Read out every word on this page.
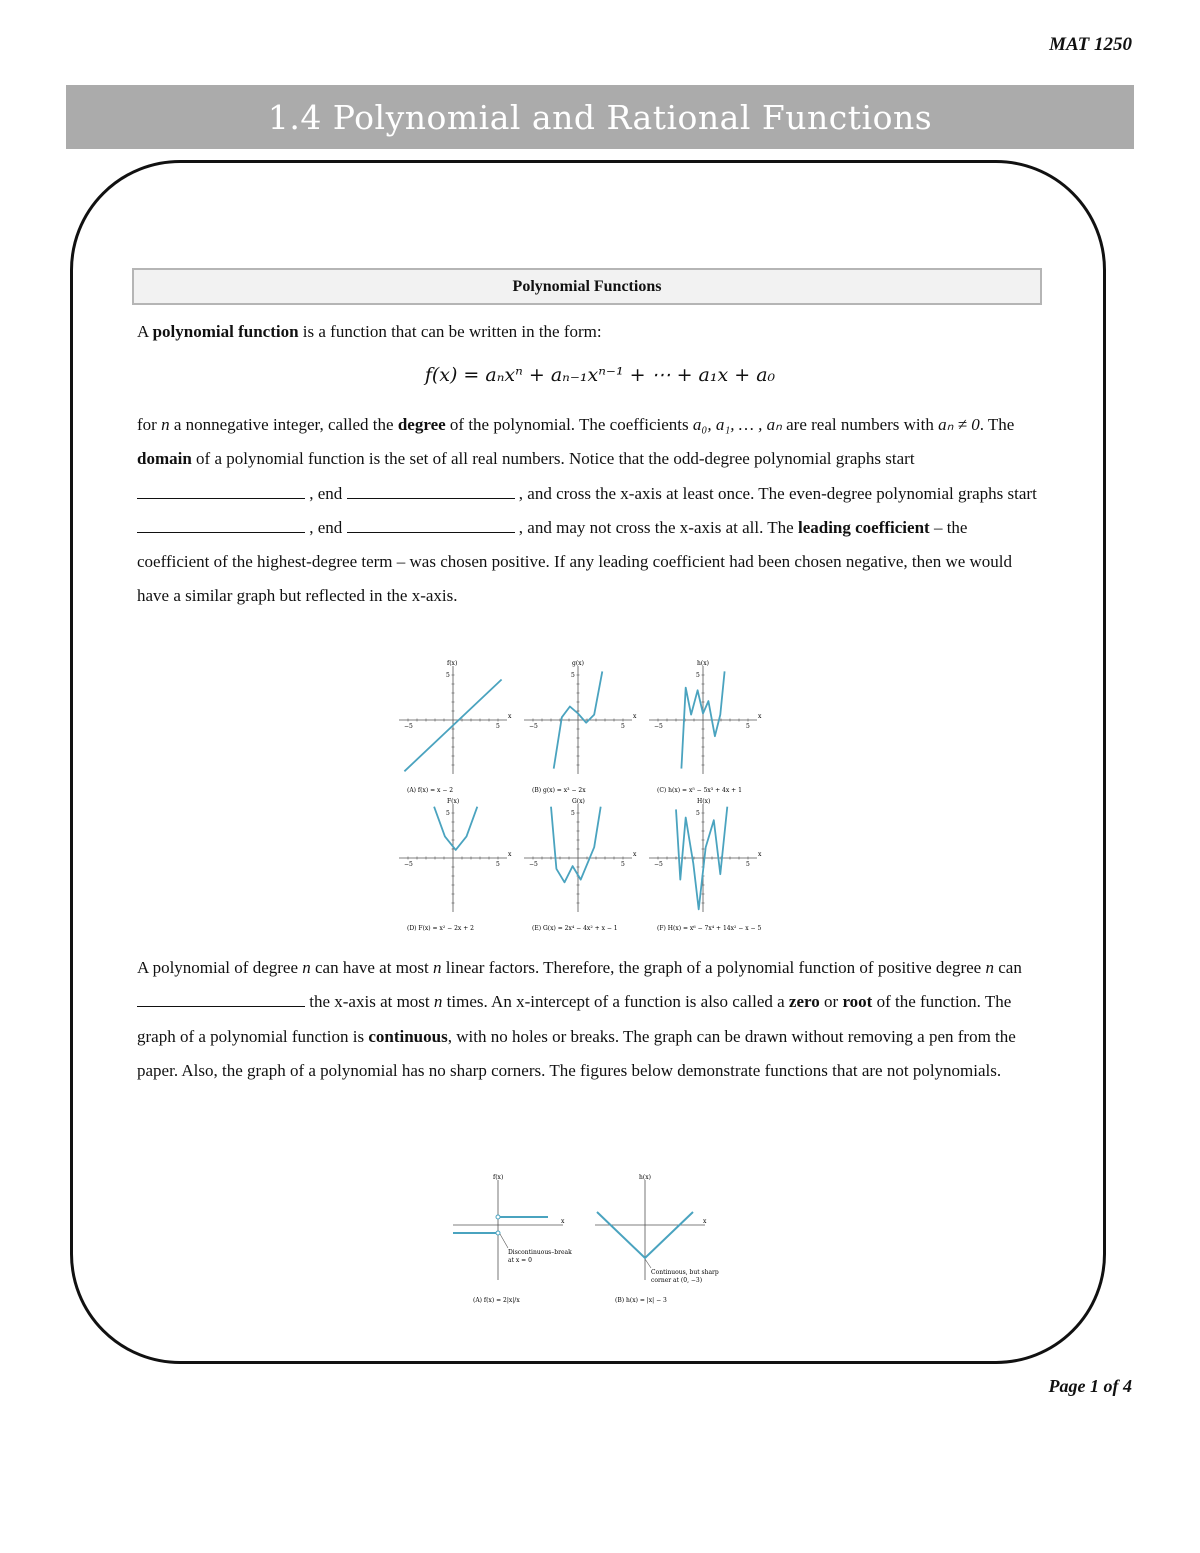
MAT 1250
1.4 Polynomial and Rational Functions
Polynomial Functions
A polynomial function is a function that can be written in the form:
f(x) = aₙxⁿ + aₙ₋₁xⁿ⁻¹ + ⋯ + a₁x + a₀
for n a nonnegative integer, called the degree of the polynomial. The coefficients a₀, a₁, … , aₙ are real numbers with aₙ ≠ 0. The domain of a polynomial function is the set of all real numbers. Notice that the odd-degree polynomial graphs start  , end	, and cross the x-axis at least once. The even-degree polynomial graphs start  , end	, and may not cross the x-axis at all. The leading coefficient – the coefficient of the highest-degree term – was chosen positive. If any leading coefficient had been chosen negative, then we would have a similar graph but reflected in the x-axis.
f(x)
x
5
5
−5
(A) f(x) = x − 2
g(x)
x
5
5
−5
(B) g(x) = x³ − 2x
h(x)
x
5
5
−5
(C) h(x) = x⁵ − 5x³ + 4x + 1
F(x)
x
5
5
−5
(D) F(x) = x² − 2x + 2
G(x)
x
5
5
−5
(E) G(x) = 2x⁴ − 4x² + x − 1
H(x)
x
5
5
−5
(F) H(x) = x⁶ − 7x⁴ + 14x² − x − 5
A polynomial of degree n can have at most n linear factors. Therefore, the graph of a polynomial function of positive degree n can  the x-axis at most n times. An x-intercept of a function is also called a zero or root of the function. The graph of a polynomial function is continuous, with no holes or breaks. The graph can be drawn without removing a pen from the paper. Also, the graph of a polynomial has no sharp corners. The figures below demonstrate functions that are not polynomials.
f(x)
x
Discontinuous–break
at x = 0
(A) f(x) = 2|x|/x
h(x)
x
Continuous, but sharp
corner at (0, −3)
(B) h(x) = |x| − 3
Page 1 of 4
